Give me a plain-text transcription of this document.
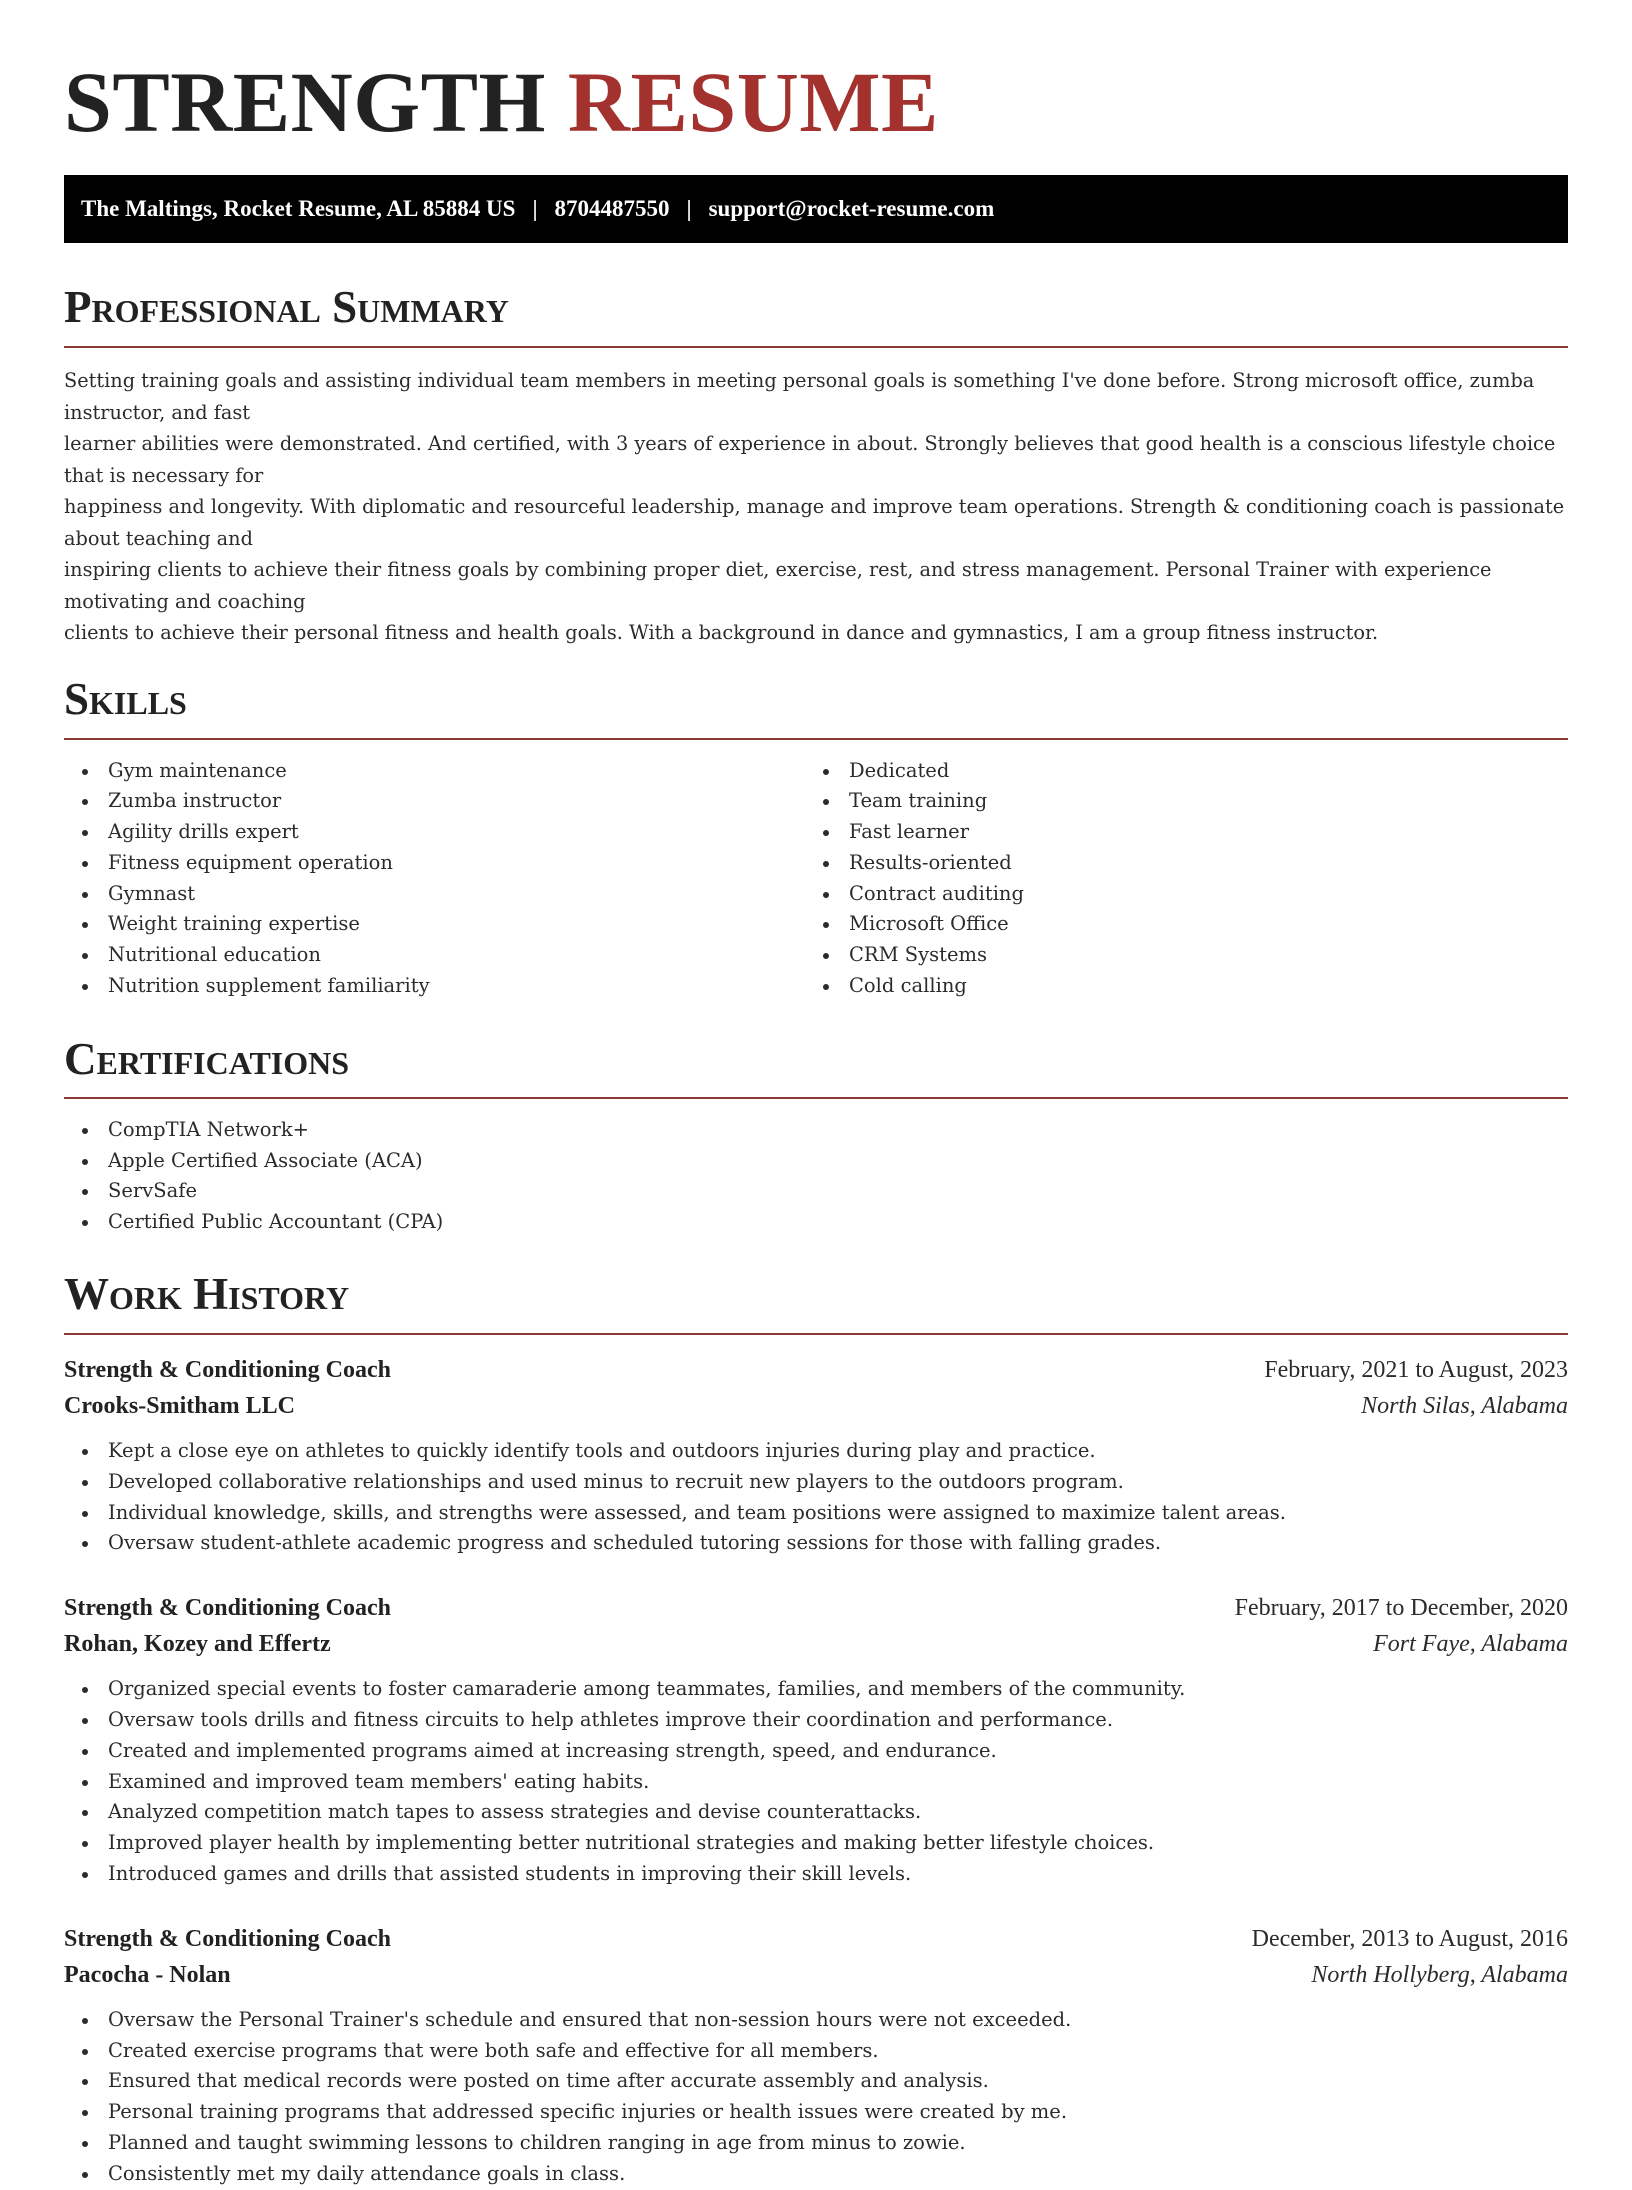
STRENGTH RESUME
The Maltings, Rocket Resume, AL 85884 US | 8704487550 | support@rocket-resume.com
Professional Summary
Setting training goals and assisting individual team members in meeting personal goals is something I've done before. Strong microsoft office, zumba instructor, and fast
learner abilities were demonstrated. And certified, with 3 years of experience in about. Strongly believes that good health is a conscious lifestyle choice that is necessary for
happiness and longevity. With diplomatic and resourceful leadership, manage and improve team operations. Strength & conditioning coach is passionate about teaching and
inspiring clients to achieve their fitness goals by combining proper diet, exercise, rest, and stress management. Personal Trainer with experience motivating and coaching
clients to achieve their personal fitness and health goals. With a background in dance and gymnastics, I am a group fitness instructor.
Skills
Gym maintenance
Zumba instructor
Agility drills expert
Fitness equipment operation
Gymnast
Weight training expertise
Nutritional education
Nutrition supplement familiarity
Dedicated
Team training
Fast learner
Results-oriented
Contract auditing
Microsoft Office
CRM Systems
Cold calling
Certifications
CompTIA Network+
Apple Certified Associate (ACA)
ServSafe
Certified Public Accountant (CPA)
Work History
Strength & Conditioning Coach	February, 2021 to August, 2023
Crooks-Smitham LLC	North Silas, Alabama
Kept a close eye on athletes to quickly identify tools and outdoors injuries during play and practice.
Developed collaborative relationships and used minus to recruit new players to the outdoors program.
Individual knowledge, skills, and strengths were assessed, and team positions were assigned to maximize talent areas.
Oversaw student-athlete academic progress and scheduled tutoring sessions for those with falling grades.
Strength & Conditioning Coach	February, 2017 to December, 2020
Rohan, Kozey and Effertz	Fort Faye, Alabama
Organized special events to foster camaraderie among teammates, families, and members of the community.
Oversaw tools drills and fitness circuits to help athletes improve their coordination and performance.
Created and implemented programs aimed at increasing strength, speed, and endurance.
Examined and improved team members' eating habits.
Analyzed competition match tapes to assess strategies and devise counterattacks.
Improved player health by implementing better nutritional strategies and making better lifestyle choices.
Introduced games and drills that assisted students in improving their skill levels.
Strength & Conditioning Coach	December, 2013 to August, 2016
Pacocha - Nolan	North Hollyberg, Alabama
Oversaw the Personal Trainer's schedule and ensured that non-session hours were not exceeded.
Created exercise programs that were both safe and effective for all members.
Ensured that medical records were posted on time after accurate assembly and analysis.
Personal training programs that addressed specific injuries or health issues were created by me.
Planned and taught swimming lessons to children ranging in age from minus to zowie.
Consistently met my daily attendance goals in class.
